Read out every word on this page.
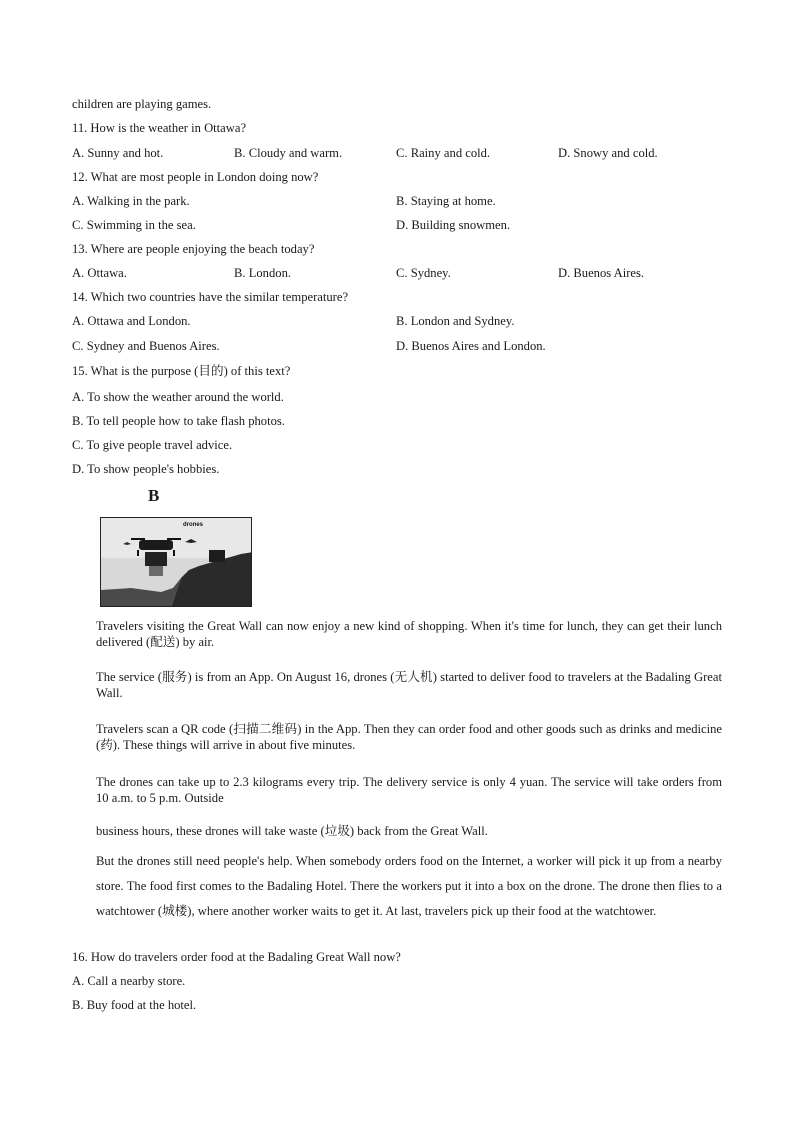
children are playing games.
11. How is the weather in Ottawa?
A. Sunny and hot.	B. Cloudy and warm.	C. Rainy and cold.	D. Snowy and cold.
12. What are most people in London doing now?
A. Walking in the park.	B. Staying at home.
C. Swimming in the sea.	D. Building snowmen.
13. Where are people enjoying the beach today?
A. Ottawa.	B. London.	C. Sydney.	D. Buenos Aires.
14. Which two countries have the similar temperature?
A. Ottawa and London.	B. London and Sydney.
C. Sydney and Buenos Aires.	D. Buenos Aires and London.
15. What is the purpose (目的) of this text?
A. To show the weather around the world.
B. To tell people how to take flash photos.
C. To give people travel advice.
D. To show people's hobbies.
B
drones
Travelers visiting the Great Wall can now enjoy a new kind of shopping. When it's time for lunch, they can get their lunch delivered (配送) by air.
The service (服务) is from an App. On August 16, drones (无人机) started to deliver food to travelers at the Badaling Great Wall.
Travelers scan a QR code (扫描二维码) in the App. Then they can order food and other goods such as drinks and medicine (药). These things will arrive in about five minutes.
The drones can take up to 2.3 kilograms every trip. The delivery service is only 4 yuan. The service will take orders from 10 a.m. to 5 p.m. Outside
business hours, these drones will take waste (垃圾) back from the Great Wall.
But the drones still need people's help. When somebody orders food on the Internet, a worker will pick it up from a nearby store. The food first comes to the Badaling Hotel. There the workers put it into a box on the drone. The drone then flies to a watchtower (城楼), where another worker waits to get it. At last, travelers pick up their food at the watchtower.
16. How do travelers order food at the Badaling Great Wall now?
A. Call a nearby store.
B. Buy food at the hotel.
